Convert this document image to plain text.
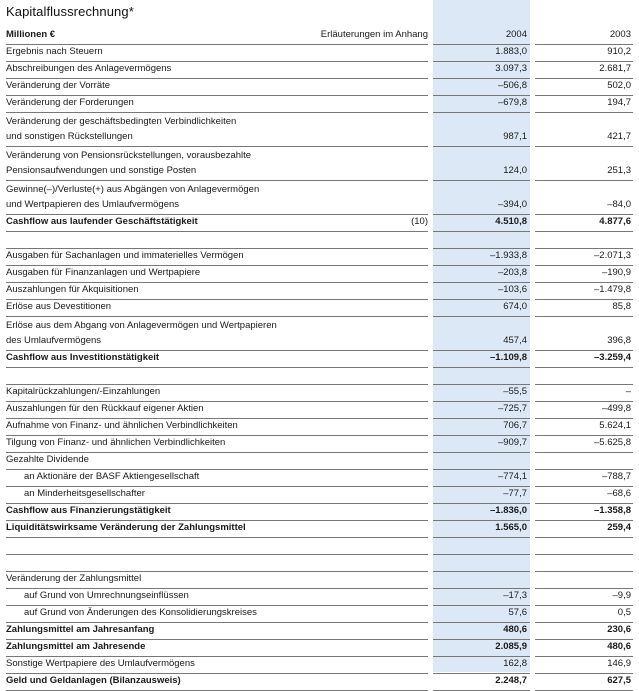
Kapitalflussrechnung*
Millionen €	Erläuterungen im Anhang	2004	2003
Ergebnis nach Steuern	1.883,0	910,2
Abschreibungen des Anlagevermögens	3.097,3	2.681,7
Veränderung der Vorräte	–506,8	502,0
Veränderung der Forderungen	–679,8	194,7
Veränderung der geschäftsbedingten Verbindlichkeiten
und sonstigen Rückstellungen	987,1	421,7
Veränderung von Pensionsrückstellungen, vorausbezahlte
Pensionsaufwendungen und sonstige Posten	124,0	251,3
Gewinne(–)/Verluste(+) aus Abgängen von Anlagevermögen
und Wertpapieren des Umlaufvermögens	–394,0	–84,0
Cashflow aus laufender Geschäftstätigkeit	(10)	4.510,8	4.877,6
Ausgaben für Sachanlagen und immaterielles Vermögen	–1.933,8	–2.071,3
Ausgaben für Finanzanlagen und Wertpapiere	–203,8	–190,9
Auszahlungen für Akquisitionen	–103,6	–1.479,8
Erlöse aus Devestitionen	674,0	85,8
Erlöse aus dem Abgang von Anlagevermögen und Wertpapieren
des Umlaufvermögens	457,4	396,8
Cashflow aus Investitionstätigkeit	–1.109,8	–3.259,4
Kapitalrückzahlungen/-Einzahlungen	–55,5	–
Auszahlungen für den Rückkauf eigener Aktien	–725,7	–499,8
Aufnahme von Finanz- und ähnlichen Verbindlichkeiten	706,7	5.624,1
Tilgung von Finanz- und ähnlichen Verbindlichkeiten	–909,7	–5.625,8
Gezahlte Dividende
an Aktionäre der BASF Aktiengesellschaft	–774,1	–788,7
an Minderheitsgesellschafter	–77,7	–68,6
Cashflow aus Finanzierungstätigkeit	–1.836,0	–1.358,8
Liquiditätswirksame Veränderung der Zahlungsmittel	1.565,0	259,4
Veränderung der Zahlungsmittel
auf Grund von Umrechnungseinflüssen	–17,3	–9,9
auf Grund von Änderungen des Konsolidierungskreises	57,6	0,5
Zahlungsmittel am Jahresanfang	480,6	230,6
Zahlungsmittel am Jahresende	2.085,9	480,6
Sonstige Wertpapiere des Umlaufvermögens	162,8	146,9
Geld und Geldanlagen (Bilanzausweis)	2.248,7	627,5
